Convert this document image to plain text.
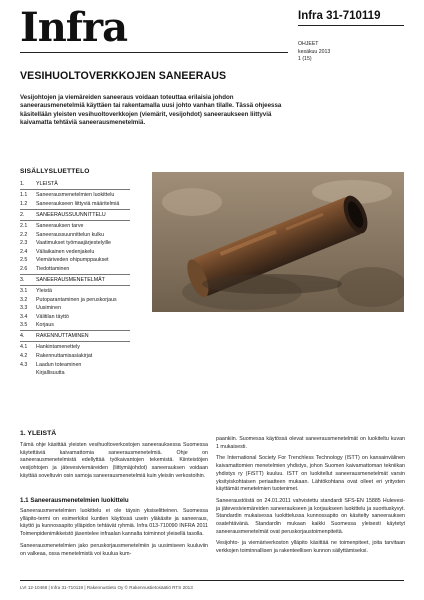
Infra	Infra 31-710119
OHJEET
kesäkuu 2013
1 (15)
VESIHUOLTOVERKKOJEN SANEERAUS

Vesijohtojen ja viemäreiden saneeraus voidaan toteuttaa erilaisia johdon saneerausmenetelmiä käyttäen tai rakentamalla uusi johto vanhan tilalle. Tässä ohjeessa käsitellään yleisten vesihuoltoverkkojen (viemärit, vesijohdot) saneeraukseen liittyviä kaivamatta tehtäviä saneerausmenetelmiä.

SISÄLLYSLUETTELO
1.	YLEISTÄ
1.1	Saneerausmenetelmien luokittelu
1.2	Saneeraukseen liittyviä määritelmiä
2.	SANEERAUSSUUNNITTELU
2.1	Saneerauksen tarve
2.2	Saneeraussuunnittelun kulku
2.3	Vaatimukset työmaajärjestelyille
2.4	Väliaikainen vedenjakelu
2.5	Viemäriveden ohipumppaukset
2.6	Tiedottaminen
3.	SANEERAUSMENETELMÄT
3.1	Yleistä
3.2	Putoparantaminen ja peruskorjaus
3.3	Uusiminen
3.4	Välitilan täyttö
3.5	Korjaus
4.	RAKENNUTTAMINEN
4.1	Hankintamenettely
4.2	Rakennuttamisasiakirjat
4.3	Laadun toteaminen
Kirjallisuutta
1. YLEISTÄ

Tämä ohje käsittää yleisten vesihuoltoverkostojen saneerauksessa Suomessa käytettäviä kaivamattomia saneerausmenetelmiä. Ohje on saneerausmenetelmistä edellyttää työkaivantojen tekemistä. Kiinteistöjen vesijohtojen ja jätevesiviemäreiden (liittymäjohdot) saneerauksen voidaan käyttää soveltuvin osin samoja saneerausmenetelmiä kuin yleisiin verkostoihin.

1.1 Saneerausmenetelmien luokittelu

Saneerausmenetelmien luokittelu ei ole täysin yksiselitteinen. Suomessa ylläpito-termi on esimerkiksi kuntien käytössä usein yläkäsite ja saneeraus, käyttö ja kunnossapito ylläpidon tehtävät ryhmiä. Infra 013-710090 INFRA 2011 Toimenpidenimikkeistö jäsentelee infraalan kannalta toiminnot yleisellä tasolla.

Saneerausmenetelmien jako peruskorjausmenetelmiin ja uusimiseen kuuluviin on valkeaa, ossa menetelmistä voi kuulua kum-

paankiin. Suomessa käytössä olevat saneerausmenetelmät on luokiteltu kuvan 1 mukaisesti.

The International Society For Trenchless Technology (ISTT) on kansainvälinen kaivamattomien menetelmien yhdistys, johon Suomen kaivamattoman tekniikan yhdistys ry (FiSTT) kuuluu. ISTT on luokitellut saneerausmenetelmät varsin yksityiskohtaisen periaatteen mukaan. Lähtökohtana ovat olleet eri yritysten käyttämät menetelmien tuotenimet.

Saneeraustöistä on 24.01.2011 vahvistettu standardi SFS-EN 15885 Hulevesi- ja jätevesiviemäreiden saneeraukseen ja korjaukseen luokittelu ja suorituskyvyt. Standardin mukaisessa luokittelussa kunnossapito on käsitelty saneerauksen osatehtävänä. Standardin mukaan kaikki Suomessa yleisesti käytetyt saneerausmenetelmät ovat peruskorjaustoimenpiteitä.

Vesijohto- ja viemäriverkoston ylläpito käsittää ne toimenpiteet, joita tarvitaan verkkojen toiminnallisen ja rakenteellisen kunnon säilyttämiseksi.

LVI 12-10468 | Infra 31-710119 | Rakennustieto Oy © Rakennustietosäätiö RTS 2013
